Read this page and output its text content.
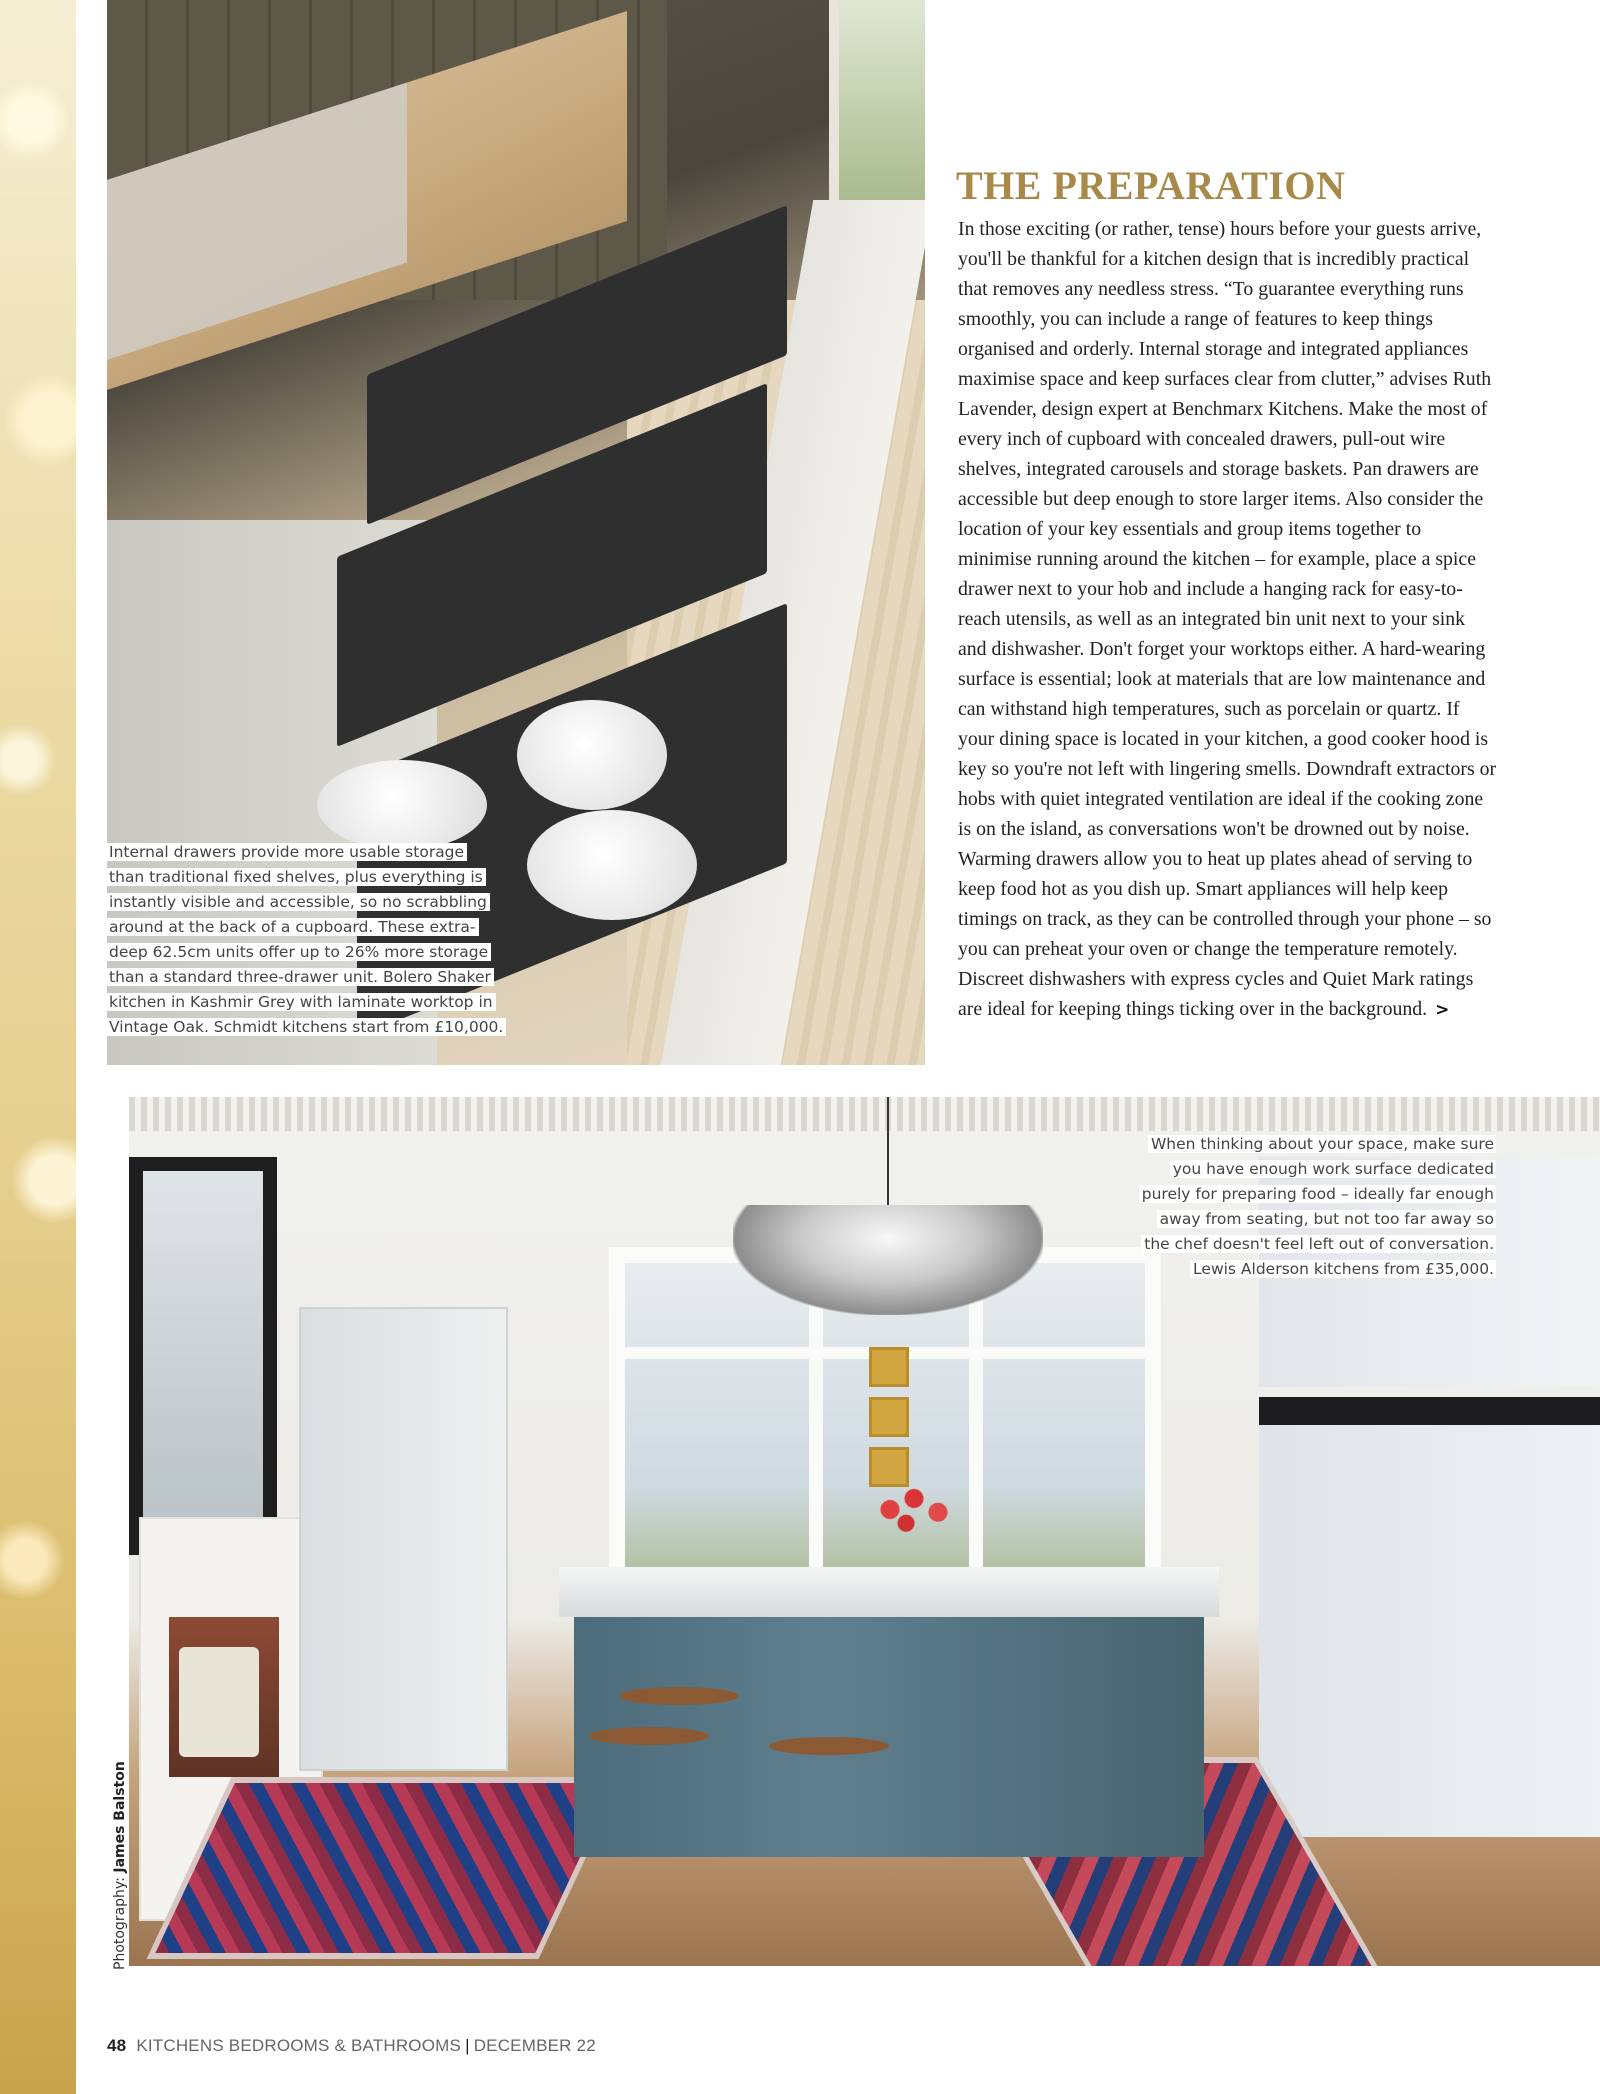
Internal drawers provide more usable storage
than traditional fixed shelves, plus everything is
instantly visible and accessible, so no scrabbling
around at the back of a cupboard. These extra-
deep 62.5cm units offer up to 26% more storage
than a standard three-drawer unit. Bolero Shaker
kitchen in Kashmir Grey with laminate worktop in
Vintage Oak. Schmidt kitchens start from £10,000.
THE PREPARATION

In those exciting (or rather, tense) hours before your guests arrive, you'll be thankful for a kitchen design that is incredibly practical that removes any needless stress. “To guarantee everything runs smoothly, you can include a range of features to keep things organised and orderly. Internal storage and integrated appliances maximise space and keep surfaces clear from clutter,” advises Ruth Lavender, design expert at Benchmarx Kitchens. Make the most of every inch of cupboard with concealed drawers, pull-out wire shelves, integrated carousels and storage baskets. Pan drawers are accessible but deep enough to store larger items. Also consider the location of your key essentials and group items together to minimise running around the kitchen – for example, place a spice drawer next to your hob and include a hanging rack for easy-to-reach utensils, as well as an integrated bin unit next to your sink and dishwasher. Don't forget your worktops either. A hard-wearing surface is essential; look at materials that are low maintenance and can withstand high temperatures, such as porcelain or quartz. If your dining space is located in your kitchen, a good cooker hood is key so you're not left with lingering smells. Downdraft extractors or hobs with quiet integrated ventilation are ideal if the cooking zone is on the island, as conversations won't be drowned out by noise. Warming drawers allow you to heat up plates ahead of serving to keep food hot as you dish up. Smart appliances will help keep timings on track, as they can be controlled through your phone – so you can preheat your oven or change the temperature remotely. Discreet dishwashers with express cycles and Quiet Mark ratings are ideal for keeping things ticking over in the background. >

When thinking about your space, make sure
you have enough work surface dedicated
purely for preparing food – ideally far enough
away from seating, but not too far away so
the chef doesn't feel left out of conversation.
Lewis Alderson kitchens from £35,000.
Photography: James Balston
48 KITCHENS BEDROOMS & BATHROOMS | DECEMBER 22
